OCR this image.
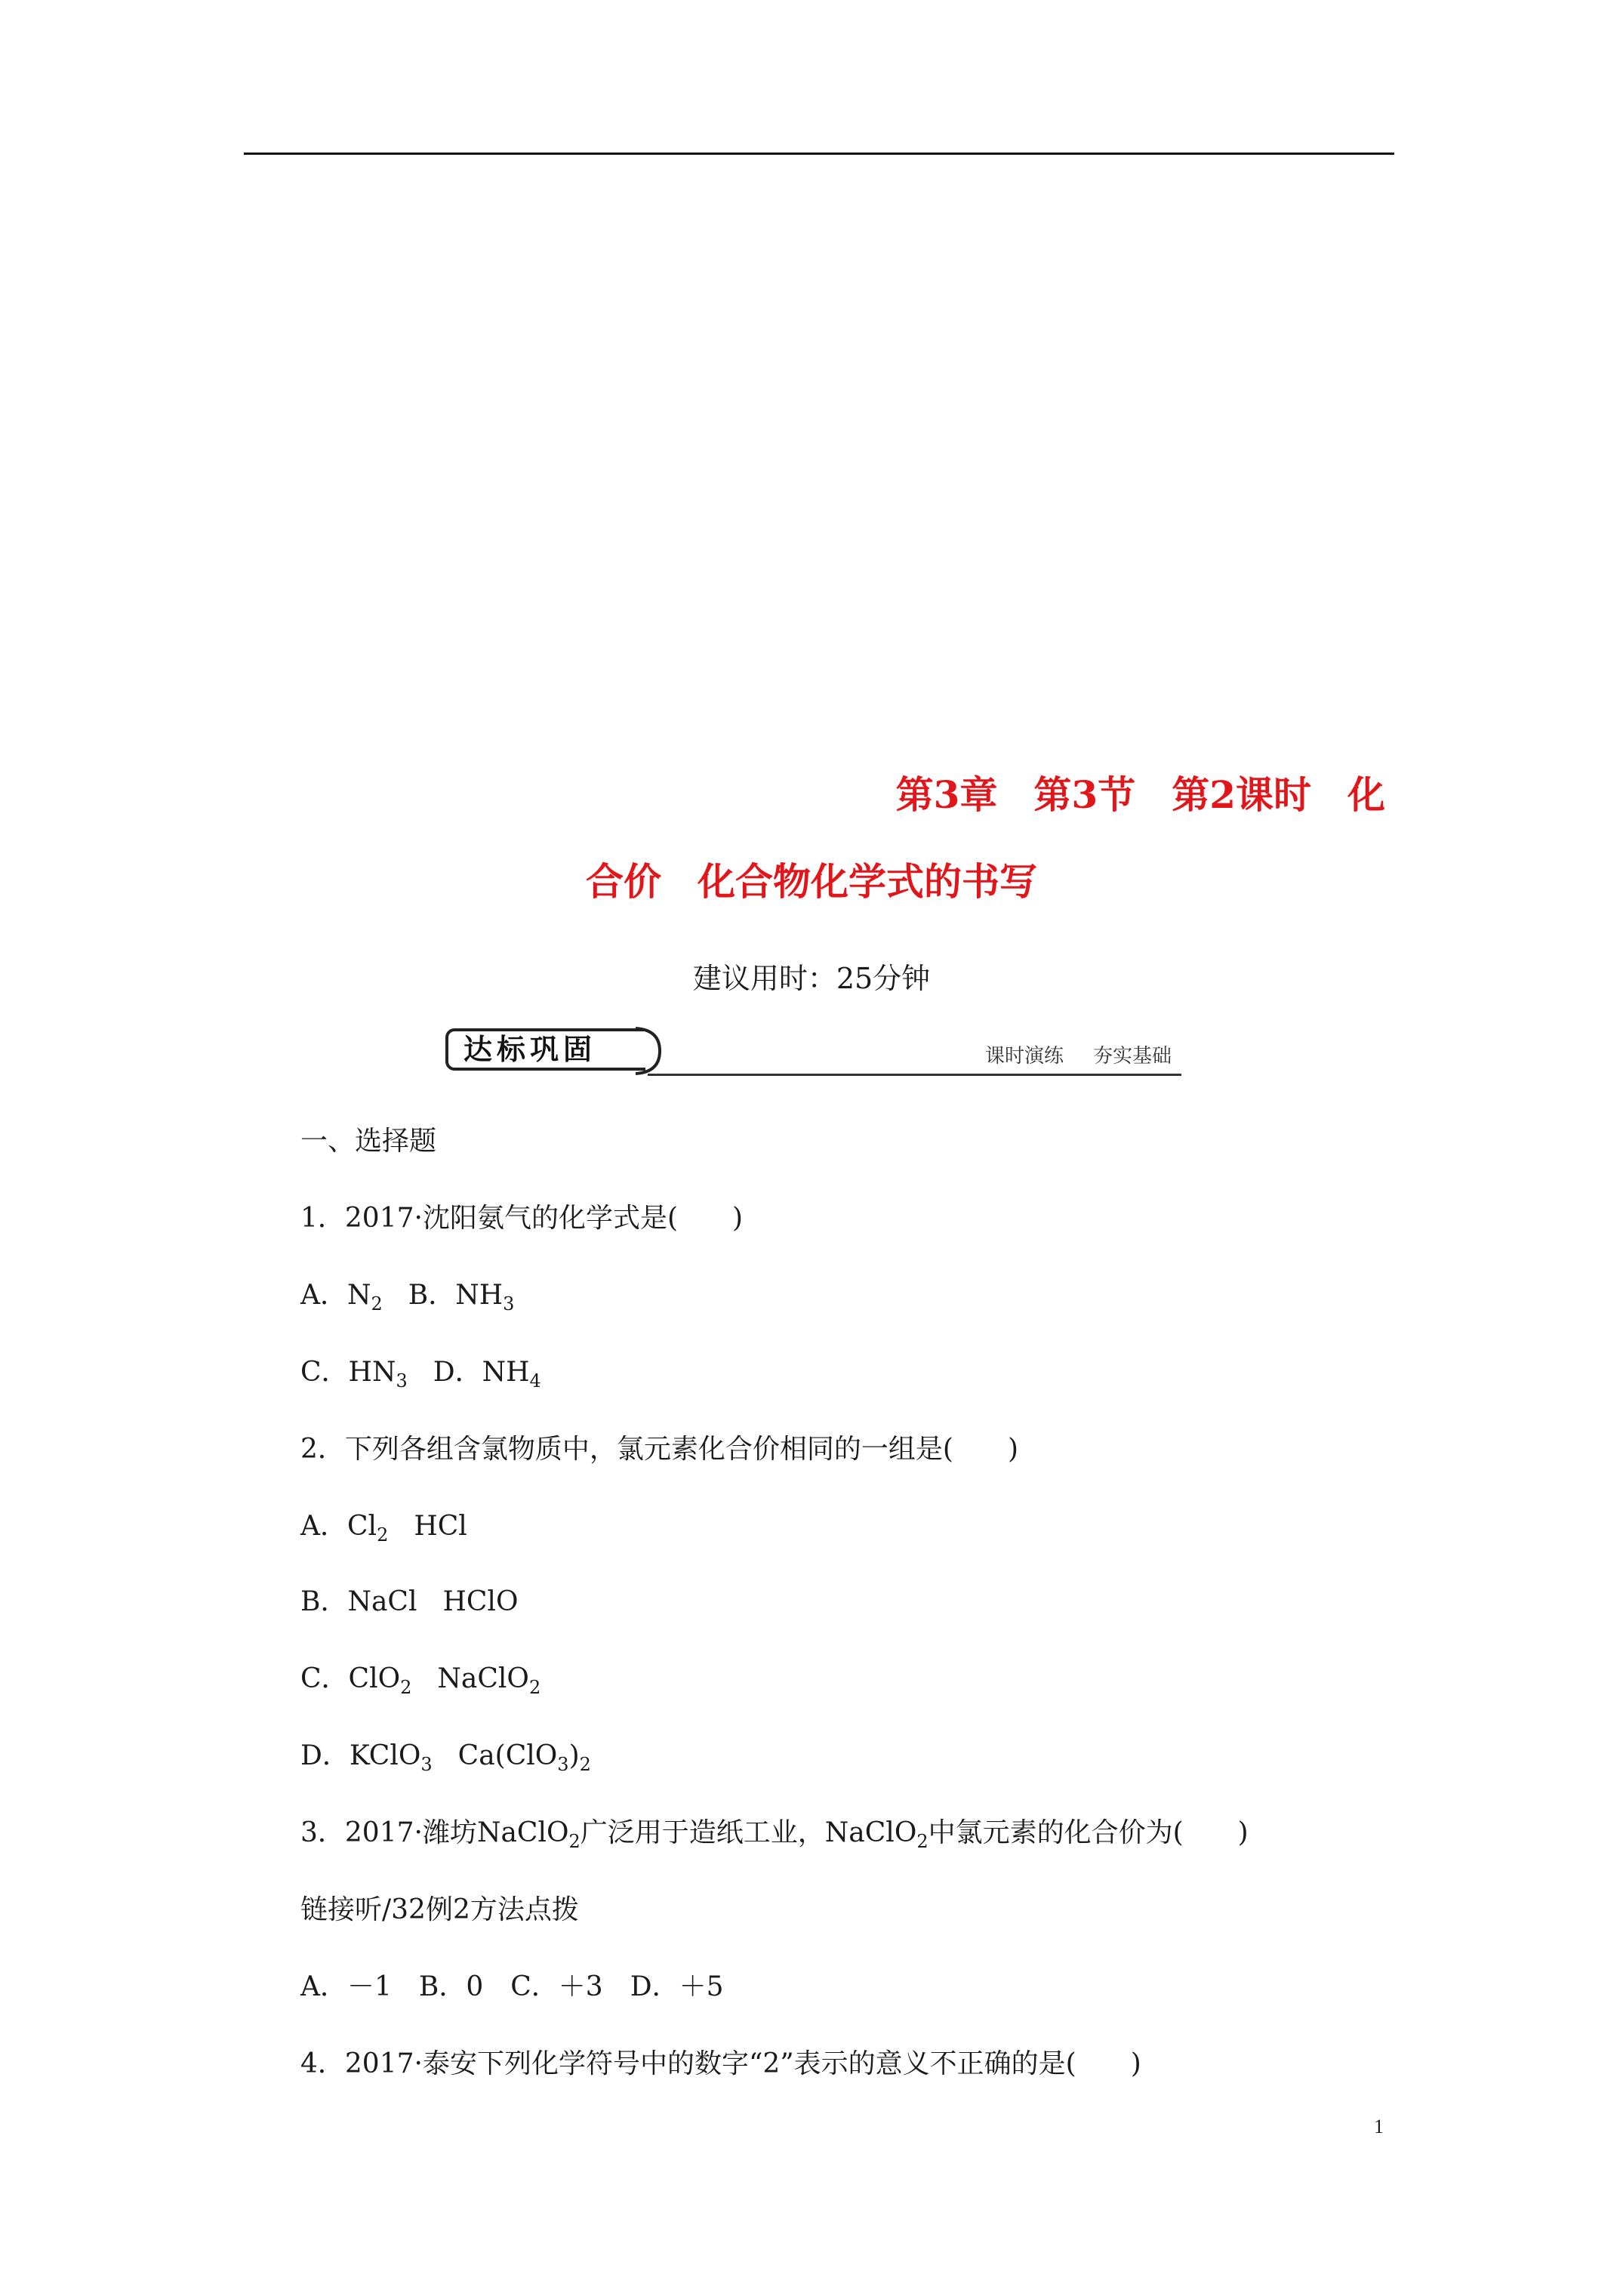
第3章 第3节 第2课时 化
合价 化合物化学式的书写
建议用时：25分钟
达标巩固	课时演练 夯实基础
一、选择题
1．2017·沈阳氨气的化学式是(　　)
A．$N_2$ B．$NH_3$
C．$HN_3$ D．$NH_4$
2．下列各组含氯物质中，氯元素化合价相同的一组是(　　)
A．$Cl_2$ HCl
B．NaCl HClO
C．ClO$_2$ NaClO$_2$
D．KClO$_3$ $Ca(ClO_3)_2$
3．2017·潍坊NaClO$_2$广泛用于造纸工业，NaClO$_2$中氯元素的化合价为(　　)
链接听/32例2方法点拨
A．－1　B．0　C．＋3　D．＋5
4．2017·泰安下列化学符号中的数字“2”表示的意义不正确的是(　　)
1
